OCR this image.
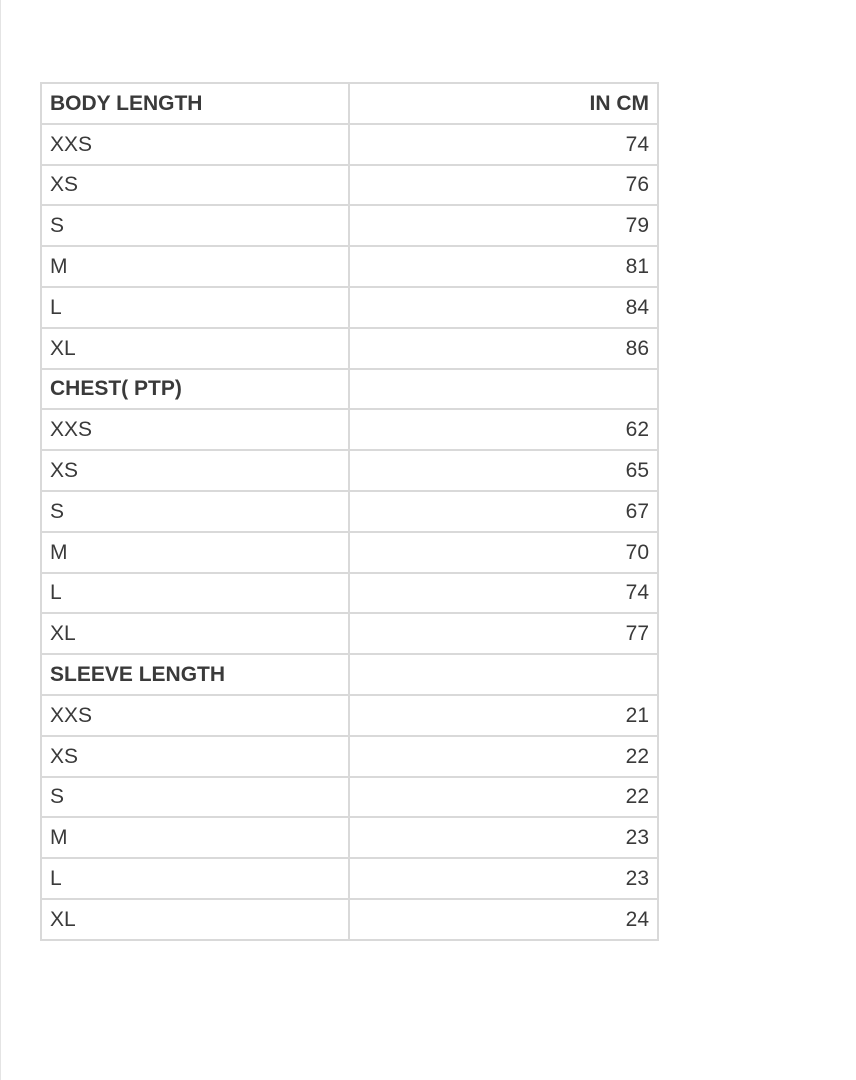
BODY LENGTH	IN CM
XXS	74
XS	76
S	79
M	81
L	84
XL	86
CHEST( PTP)	
XXS	62
XS	65
S	67
M	70
L	74
XL	77
SLEEVE LENGTH	
XXS	21
XS	22
S	22
M	23
L	23
XL	24
